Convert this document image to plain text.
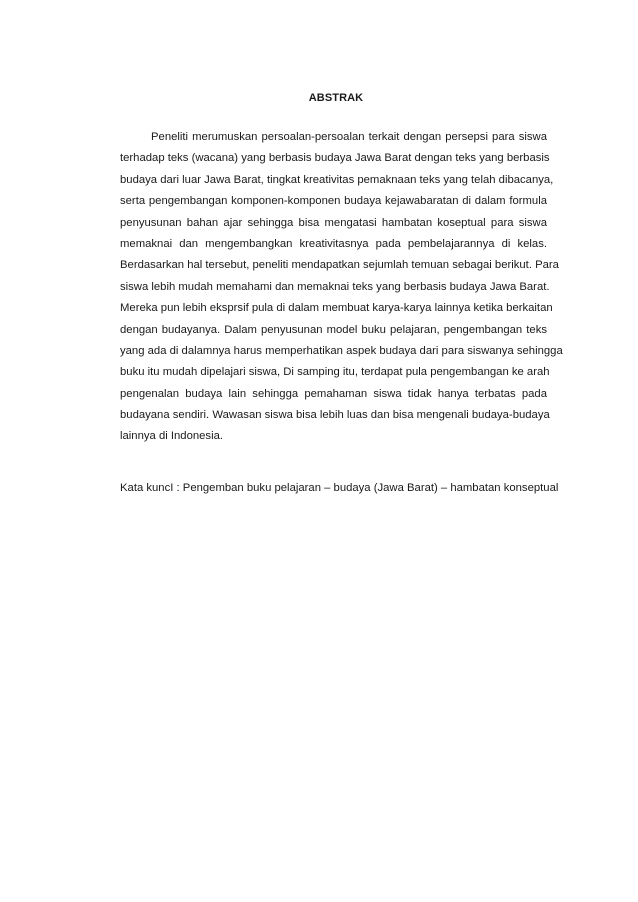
ABSTRAK
Peneliti merumuskan persoalan-persoalan terkait dengan persepsi para siswa
terhadap teks (wacana) yang berbasis budaya Jawa Barat dengan teks yang berbasis
budaya dari luar Jawa Barat, tingkat kreativitas pemaknaan teks yang telah dibacanya,
serta pengembangan komponen-komponen budaya kejawabaratan di dalam formula
penyusunan bahan ajar sehingga bisa mengatasi hambatan koseptual para siswa
memaknai dan mengembangkan kreativitasnya pada pembelajarannya di kelas.
Berdasarkan hal tersebut, peneliti mendapatkan sejumlah temuan sebagai berikut. Para
siswa lebih mudah memahami dan memaknai teks yang berbasis budaya Jawa Barat.
Mereka pun lebih eksprsif pula di dalam membuat karya-karya lainnya ketika berkaitan
dengan budayanya. Dalam penyusunan model buku pelajaran, pengembangan teks
yang ada di dalamnya harus memperhatikan aspek budaya dari para siswanya sehingga
buku itu mudah dipelajari siswa, Di samping itu, terdapat pula pengembangan ke arah
pengenalan budaya lain sehingga pemahaman siswa tidak hanya terbatas pada
budayana sendiri. Wawasan siswa bisa lebih luas dan bisa mengenali budaya-budaya
lainnya di Indonesia.
Kata kuncI : Pengemban buku pelajaran – budaya (Jawa Barat) – hambatan konseptual
